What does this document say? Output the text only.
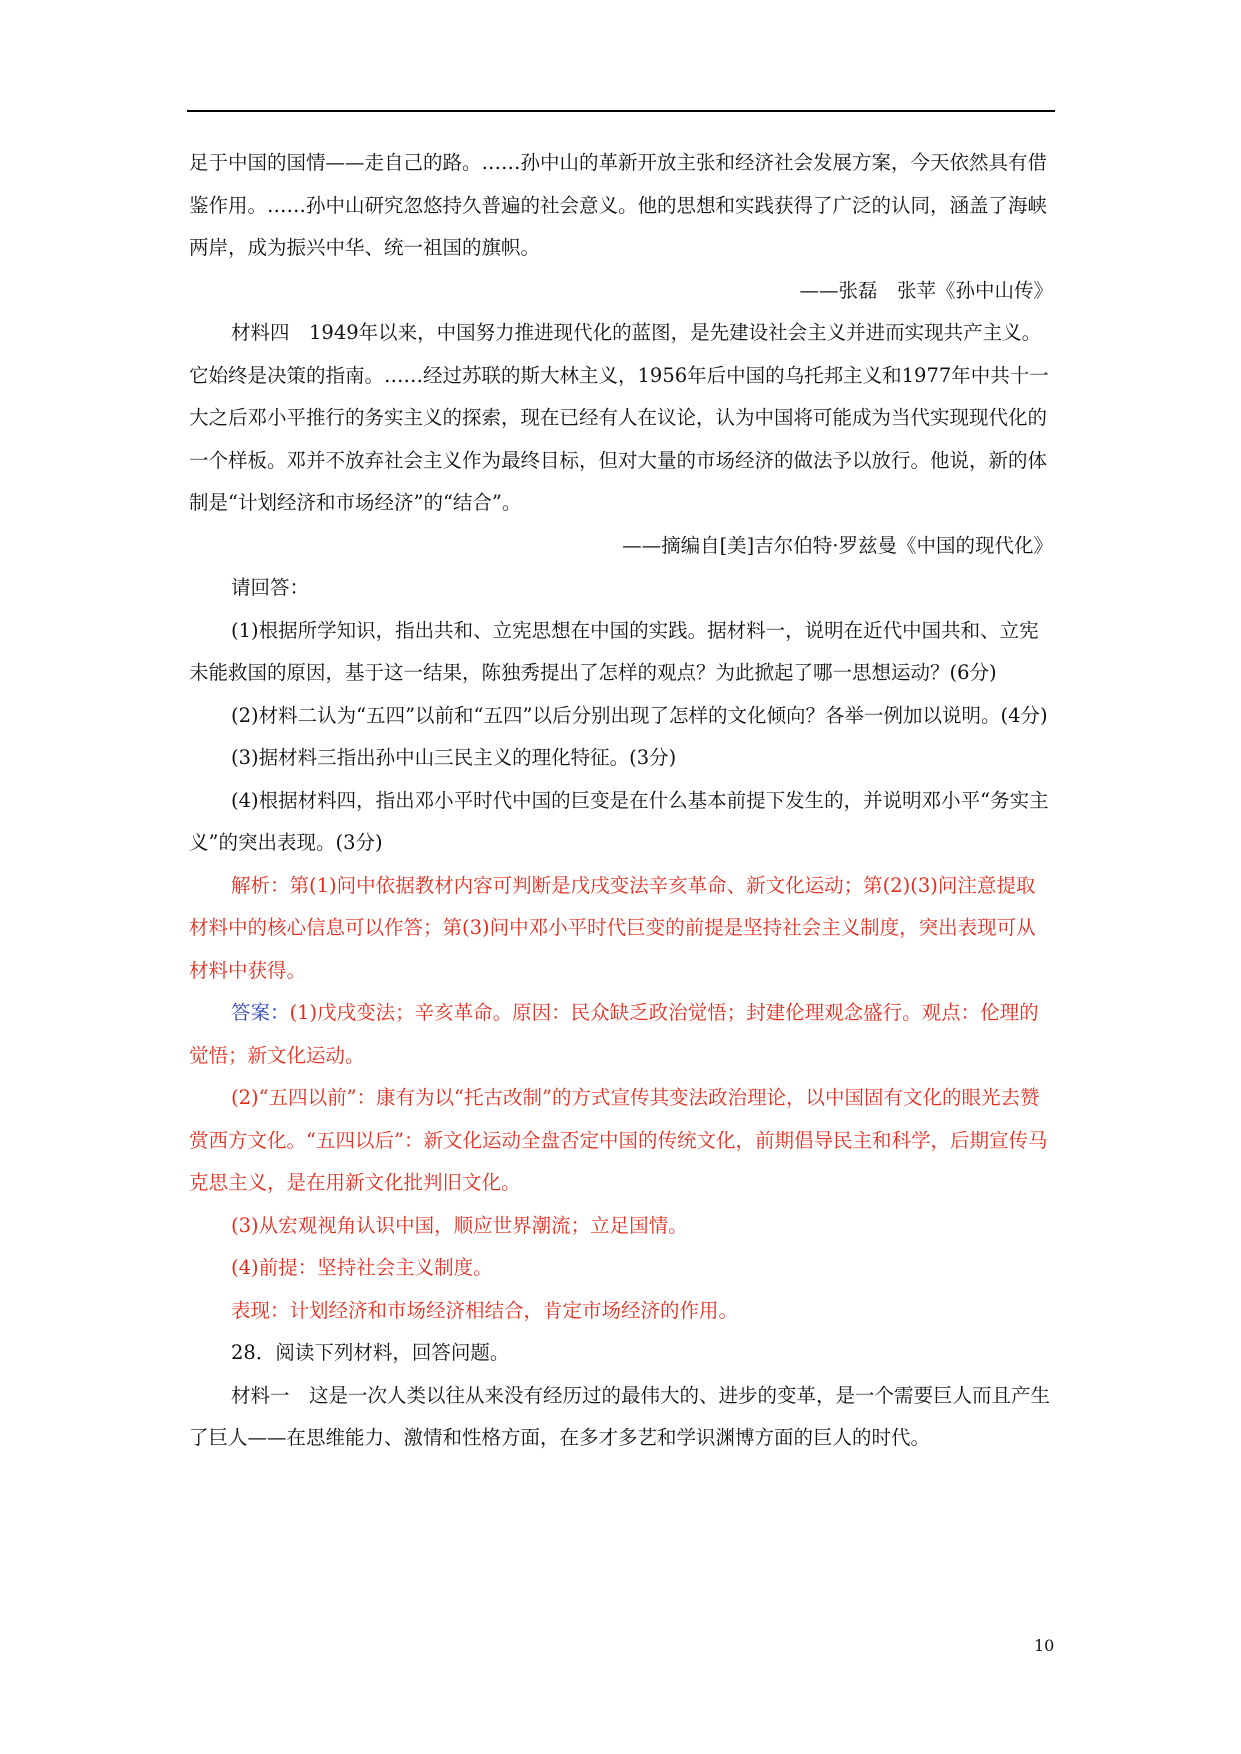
足于中国的国情——走自己的路。……孙中山的革新开放主张和经济社会发展方案，今天依然具有借鉴作用。……孙中山研究忽悠持久普遍的社会意义。他的思想和实践获得了广泛的认同，涵盖了海峡两岸，成为振兴中华、统一祖国的旗帜。

——张磊　张苹《孙中山传》

材料四　1949年以来，中国努力推进现代化的蓝图，是先建设社会主义并进而实现共产主义。它始终是决策的指南。……经过苏联的斯大林主义，1956年后中国的乌托邦主义和1977年中共十一大之后邓小平推行的务实主义的探索，现在已经有人在议论，认为中国将可能成为当代实现现代化的一个样板。邓并不放弃社会主义作为最终目标，但对大量的市场经济的做法予以放行。他说，新的体制是“计划经济和市场经济”的“结合”。

——摘编自[美]吉尔伯特·罗兹曼《中国的现代化》

请回答：

(1)根据所学知识，指出共和、立宪思想在中国的实践。据材料一，说明在近代中国共和、立宪未能救国的原因，基于这一结果，陈独秀提出了怎样的观点？为此掀起了哪一思想运动？(6分)

(2)材料二认为“五四”以前和“五四”以后分别出现了怎样的文化倾向？各举一例加以说明。(4分)

(3)据材料三指出孙中山三民主义的理化特征。(3分)

(4)根据材料四，指出邓小平时代中国的巨变是在什么基本前提下发生的，并说明邓小平“务实主义”的突出表现。(3分)

解析：第(1)问中依据教材内容可判断是戊戌变法辛亥革命、新文化运动；第(2)(3)问注意提取材料中的核心信息可以作答；第(3)问中邓小平时代巨变的前提是坚持社会主义制度，突出表现可从材料中获得。

答案：(1)戊戌变法；辛亥革命。原因：民众缺乏政治觉悟；封建伦理观念盛行。观点：伦理的觉悟；新文化运动。

(2)“五四以前”：康有为以“托古改制”的方式宣传其变法政治理论，以中国固有文化的眼光去赞赏西方文化。“五四以后”：新文化运动全盘否定中国的传统文化，前期倡导民主和科学，后期宣传马克思主义，是在用新文化批判旧文化。

(3)从宏观视角认识中国，顺应世界潮流；立足国情。

(4)前提：坚持社会主义制度。

表现：计划经济和市场经济相结合，肯定市场经济的作用。

28．阅读下列材料，回答问题。

材料一　这是一次人类以往从来没有经历过的最伟大的、进步的变革，是一个需要巨人而且产生了巨人——在思维能力、激情和性格方面，在多才多艺和学识渊博方面的巨人的时代。

10
